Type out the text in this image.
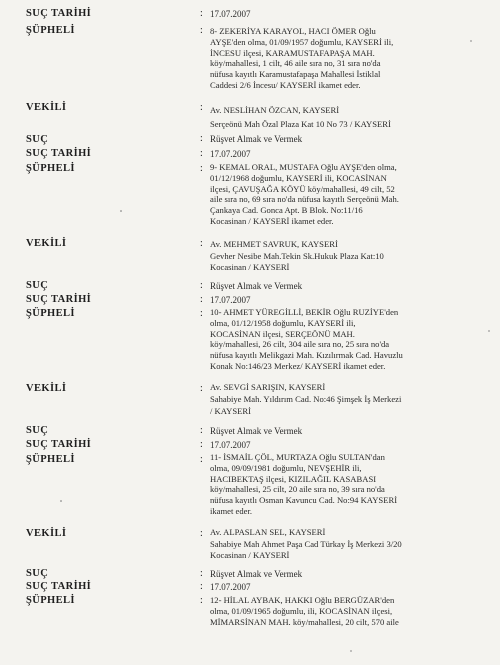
SUÇ TARİHİ	: 17.07.2007
ŞÜPHELİ	: 8- ZEKERİYA KARAYOL, HACI ÖMER Oğlu
AYŞE'den olma, 01/09/1957 doğumlu, KAYSERİ ili,
İNCESU ilçesi, KARAMUSTAFAPAŞA MAH.
köy/mahallesi, 1 cilt, 46 aile sıra no, 31 sıra no'da
nüfusa kayıtlı Karamustafapaşa Mahallesi İstiklal
Caddesi 2/6 İncesu/ KAYSERİ ikamet eder.
VEKİLİ	: Av. NESLİHAN ÖZCAN, KAYSERİ
Serçeönü Mah Özal Plaza Kat 10 No 73 / KAYSERİ
SUÇ	: Rüşvet Almak ve Vermek
SUÇ TARİHİ	: 17.07.2007
ŞÜPHELİ	: 9- KEMAL ORAL, MUSTAFA Oğlu AYŞE'den olma,
01/12/1968 doğumlu, KAYSERİ ili, KOCASİNAN
ilçesi, ÇAVUŞAĞA KÖYÜ köy/mahallesi, 49 cilt, 52
aile sıra no, 69 sıra no'da nüfusa kayıtlı Serçeönü Mah.
Çankaya Cad. Gonca Apt. B Blok. No:11/16
Kocasinan / KAYSERİ ikamet eder.
VEKİLİ	: Av. MEHMET SAVRUK, KAYSERİ
Gevher Nesibe Mah.Tekin Sk.Hukuk Plaza Kat:10
Kocasinan / KAYSERİ
SUÇ	: Rüşvet Almak ve Vermek
SUÇ TARİHİ	: 17.07.2007
ŞÜPHELİ	: 10- AHMET YÜREGİLLİ, BEKİR Oğlu RUZİYE'den
olma, 01/12/1958 doğumlu, KAYSERİ ili,
KOCASİNAN ilçesi, SERÇEÖNÜ MAH.
köy/mahallesi, 26 cilt, 304 aile sıra no, 25 sıra no'da
nüfusa kayıtlı Melikgazi Mah. Kızılırmak Cad. Havuzlu
Konak No:146/23 Merkez/ KAYSERİ ikamet eder.
VEKİLİ	: Av. SEVGİ SARIŞIN, KAYSERİ
Sahabiye Mah. Yıldırım Cad. No:46 Şimşek İş Merkezi
/ KAYSERİ
SUÇ	: Rüşvet Almak ve Vermek
SUÇ TARİHİ	: 17.07.2007
ŞÜPHELİ	: 11- İSMAİL ÇÖL, MURTAZA Oğlu SULTAN'dan
olma, 09/09/1981 doğumlu, NEVŞEHİR ili,
HACIBEKTAŞ ilçesi, KIZILAĞIL KASABASI
köy/mahallesi, 25 cilt, 20 aile sıra no, 39 sıra no'da
nüfusa kayıtlı Osman Kavuncu Cad. No:94 KAYSERİ
ikamet eder.
VEKİLİ	: Av. ALPASLAN SEL, KAYSERİ
Sahabiye Mah Ahmet Paşa Cad Türkay İş Merkezi 3/20
Kocasinan / KAYSERİ
SUÇ	: Rüşvet Almak ve Vermek
SUÇ TARİHİ	: 17.07.2007
ŞÜPHELİ	: 12- HİLAL AYBAK, HAKKI Oğlu BERGÜZAR'den
olma, 01/09/1965 doğumlu, ili, KOCASİNAN ilçesi,
MİMARSİNAN MAH. köy/mahallesi, 20 cilt, 570 aile
